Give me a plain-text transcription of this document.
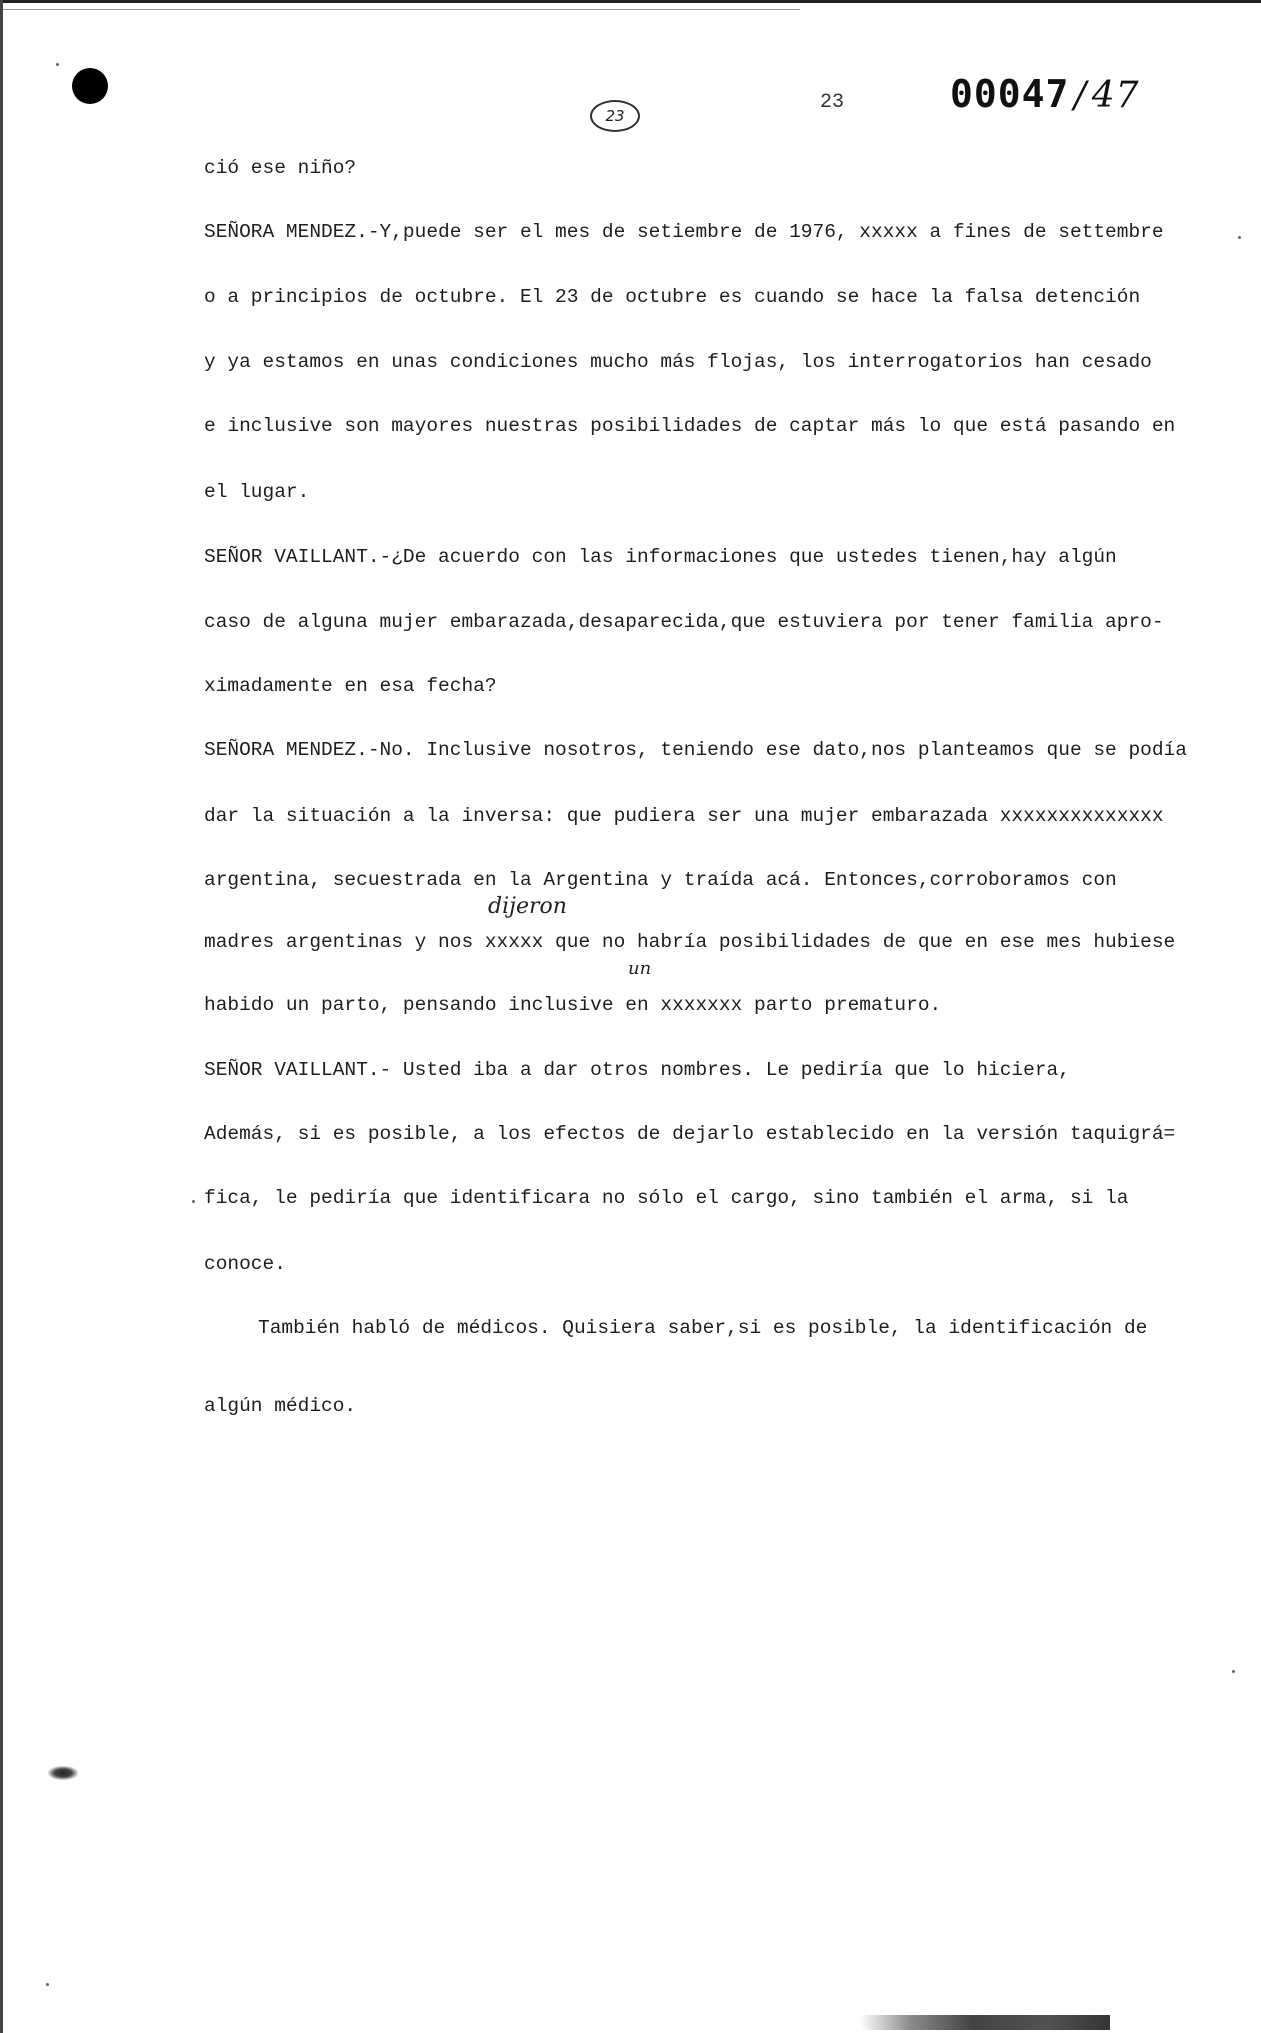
23
23	00047 / 47
ció ese niño?
SEÑORA MENDEZ.-Y,puede ser el mes de setiembre de 1976, xxxxx a fines de settembre
o a principios de octubre. El 23 de octubre es cuando se hace la falsa detención
y ya estamos en unas condiciones mucho más flojas, los interrogatorios han cesado
e inclusive son mayores nuestras posibilidades de captar más lo que está pasando en
el lugar.
SEÑOR VAILLANT.-¿De acuerdo con las informaciones que ustedes tienen,hay algún
caso de alguna mujer embarazada,desaparecida,que estuviera por tener familia apro-
ximadamente en esa fecha?
SEÑORA MENDEZ.-No. Inclusive nosotros, teniendo ese dato,nos planteamos que se podía
dar la situación a la inversa: que pudiera ser una mujer embarazada xxxxxxxxxxxxxx
argentina, secuestrada en la Argentina y traída acá. Entonces,corroboramos con
dijeron
madres argentinas y nos xxxxx que no habría posibilidades de que en ese mes hubiese
un
habido un parto, pensando inclusive en xxxxxxx parto prematuro.
SEÑOR VAILLANT.- Usted iba a dar otros nombres. Le pediría que lo hiciera,
Además, si es posible, a los efectos de dejarlo establecido en la versión taquigrá=
fica, le pediría que identificara no sólo el cargo, sino también el arma, si la
conoce.
También habló de médicos. Quisiera saber,si es posible, la identificación de
algún médico.
